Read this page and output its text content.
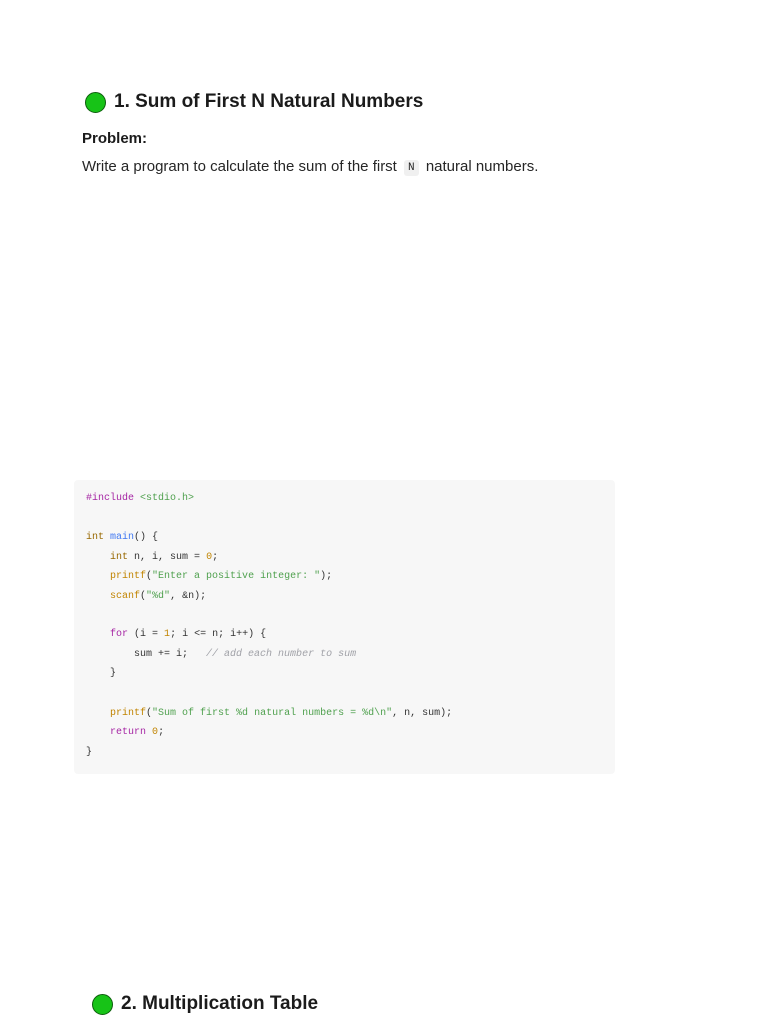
1. Sum of First N Natural Numbers
Problem:
Write a program to calculate the sum of the first N natural numbers.
#include <stdio.h>
int main() {
int n, i, sum = 0;
printf("Enter a positive integer: ");
scanf("%d", &n);
for (i = 1; i <= n; i++) {
sum += i; // add each number to sum
}
printf("Sum of first %d natural numbers = %d\n", n, sum);
return 0;
}
2. Multiplication Table
